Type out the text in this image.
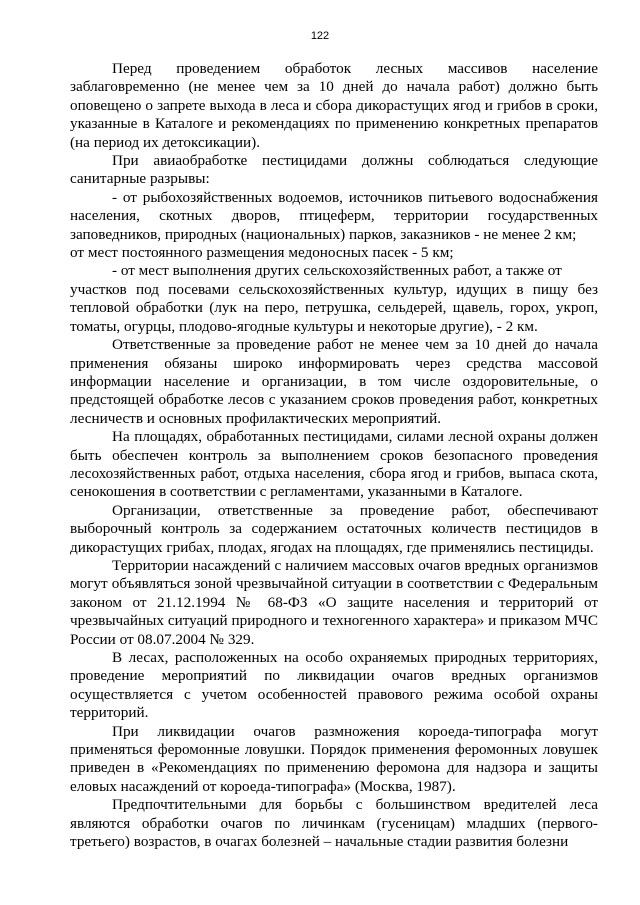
122

Перед проведением обработок лесных массивов население заблаговременно (не менее чем за 10 дней до начала работ) должно быть оповещено о запрете выхода в леса и сбора дикорастущих ягод и грибов в сроки, указанные в Каталоге и рекомендациях по применению конкретных препаратов (на период их детоксикации).

При авиаобработке пестицидами должны соблюдаться следующие санитарные разрывы:

- от рыбохозяйственных водоемов, источников питьевого водоснабжения населения, скотных дворов, птицеферм, территории государственных заповедников, природных (национальных) парков, заказников - не менее 2 км;

от мест постоянного размещения медоносных пасек - 5 км;

- от мест выполнения других сельскохозяйственных работ, а также от

участков под посевами сельскохозяйственных культур, идущих в пищу без тепловой обработки (лук на перо, петрушка, сельдерей, щавель, горох, укроп, томаты, огурцы, плодово-ягодные культуры и некоторые другие), - 2 км.

Ответственные за проведение работ не менее чем за 10 дней до начала применения обязаны широко информировать через средства массовой информации население и организации, в том числе оздоровительные, о предстоящей обработке лесов с указанием сроков проведения работ, конкретных лесничеств и основных профилактических мероприятий.

На площадях, обработанных пестицидами, силами лесной охраны должен быть обеспечен контроль за выполнением сроков безопасного проведения лесохозяйственных работ, отдыха населения, сбора ягод и грибов, выпаса скота, сенокошения в соответствии с регламентами, указанными в Каталоге.

Организации, ответственные за проведение работ, обеспечивают выборочный контроль за содержанием остаточных количеств пестицидов в дикорастущих грибах, плодах, ягодах на площадях, где применялись пестициды.

Территории насаждений с наличием массовых очагов вредных организмов могут объявляться зоной чрезвычайной ситуации в соответствии с Федеральным законом от 21.12.1994 № 68-ФЗ «О защите населения и территорий от чрезвычайных ситуаций природного и техногенного характера» и приказом МЧС России от 08.07.2004 № 329.

В лесах, расположенных на особо охраняемых природных территориях, проведение мероприятий по ликвидации очагов вредных организмов осуществляется с учетом особенностей правового режима особой охраны территорий.

При ликвидации очагов размножения короеда-типографа могут применяться феромонные ловушки. Порядок применения феромонных ловушек приведен в «Рекомендациях по применению феромона для надзора и защиты еловых насаждений от короеда-типографа» (Москва, 1987).

Предпочтительными для борьбы с большинством вредителей леса являются обработки очагов по личинкам (гусеницам) младших (первого-третьего) возрастов, в очагах болезней – начальные стадии развития болезни
